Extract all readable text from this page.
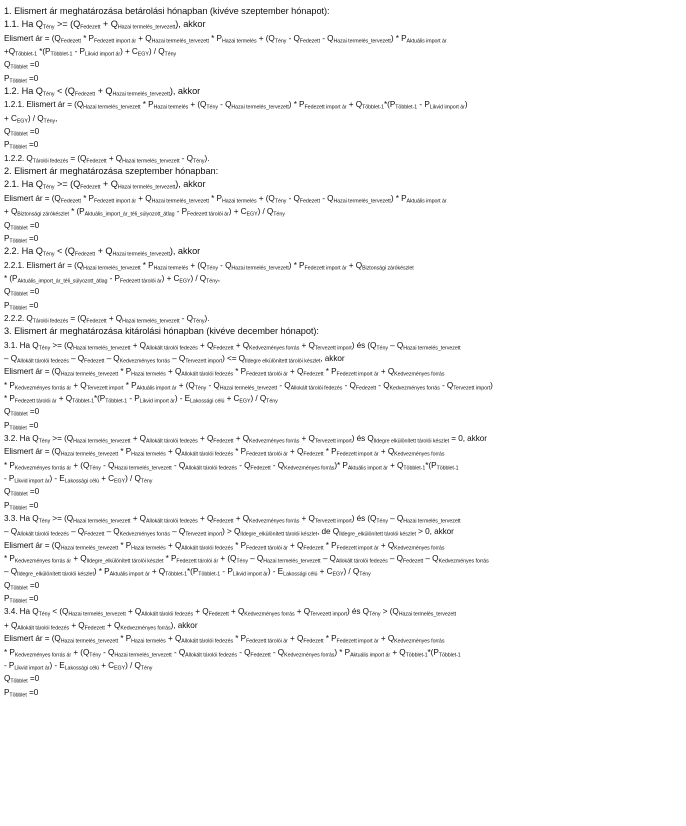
1. Elismert ár meghatározása betárolási hónapban (kivéve szeptember hónapot):
1.1. Ha $Q_{Tény} >= (Q_{Fedezett} + Q_{Hazai termelés\_tervezett})$, akkor
Elismert ár = ($Q_{Fedezett} * P_{Fedezett import ár} + Q_{Hazai termelés\_tervezett} * P_{Hazai termelés} + (Q_{Tény} - Q_{Fedezett} - Q_{Hazai termelés\_tervezett}) * P_{Aktuális import ár}$
$+Q_{Többlet-1}$ $*(P_{Többlet-1} - P_{Likvid import ár}) + C_{EGY}) / Q_{Tény}$
$Q_{Többlet} =0$
$P_{Többlet} =0$
1.2. Ha $Q_{Tény} < (Q_{Fedezett} + Q_{Hazai termelés\_tervezett})$, akkor
1.2.1. Elismert ár = ($Q_{Hazai termelés\_tervezett} * P_{Hazai termelés} + (Q_{Tény} - Q_{Hazai termelés\_tervezett}) * P_{Fedezett import ár} + Q_{Többlet-1}*(P_{Többlet-1} - P_{Likvid import ár})$
+ $C_{EGY}) / Q_{Tény}$,
$Q_{Többlet} =0$
$P_{Többlet} =0$
1.2.2. $Q_{Tárolói fedezés} = (Q_{Fedezett} + Q_{Hazai termelés\_tervezett} - Q_{Tény})$.
2. Elismert ár meghatározása szeptember hónapban:
2.1. Ha $Q_{Tény} >= (Q_{Fedezett} + Q_{Hazai termelés\_tervezett})$, akkor
Elismert ár = ($Q_{Fedezett} * P_{Fedezett import ár} + Q_{Hazai termelés\_tervezett} * P_{Hazai termelés} + (Q_{Tény} - Q_{Fedezett} - Q_{Hazai termelés\_tervezett}) * P_{Aktuális import ár}$
+ $Q_{Biztonsági zárókészlet} * (P_{Aktuális\_import\_ár\_téli\_súlyozott\_átlag} - P_{Fedezett tárolói ár}) + C_{EGY}) / Q_{Tény}$
$Q_{Többlet} =0$
$P_{Többlet} =0$
2.2. Ha $Q_{Tény} < (Q_{Fedezett} + Q_{Hazai termelés\_tervezett})$, akkor
2.2.1. Elismert ár = ($Q_{Hazai termelés\_tervezett} * P_{Hazai termelés} + (Q_{Tény} - Q_{Hazai termelés\_tervezett}) * P_{Fedezett import ár} + Q_{Biztonsági zárókészlet}$
* $(P_{Aktuális\_import\_ár\_téli\_súlyozott\_átlag} - P_{Fedezett tárolói ár}) + C_{EGY}) / Q_{Tény}$,
$Q_{Többlet} =0$
$P_{Többlet} =0$
2.2.2. $Q_{Tárolói fedezés} = (Q_{Fedezett} + Q_{Hazai termelés\_tervezett} - Q_{Tény})$.
3. Elismert ár meghatározása kitárolási hónapban (kivéve december hónapot):
3.1. Ha $Q_{Tény} >= (Q_{Hazai termelés\_tervezett} + Q_{Allokált tárolói fedezés} + Q_{Fedezett} + Q_{Kedvezményes forrás} + Q_{Tervezett import})$ és ($Q_{Tény} - Q_{Hazai termelés\_tervezett}$
– $Q_{Allokált tárolói fedezés} - Q_{Fedezett} - Q_{Kedvezményes forrás} - Q_{Tervezett import}) <= Q_{Ildegre elkülönített tárolói készlet}$, akkor
Elismert ár = ($Q_{Hazai termelés\_tervezett} * P_{Hazai termelés} + Q_{Allokált tárolói fedezés} * P_{Fedezett tárolói ár} + Q_{Fedezett} * P_{Fedezett import ár} + Q_{Kedvezményes forrás}$
* $P_{Kedvezményes forrás ár} + Q_{Tervezett import} * P_{Aktuális import ár} + (Q_{Tény} - Q_{Hazai termelés\_tervezett} - Q_{Allokált tárolói fedezés} - Q_{Fedezett} - Q_{Kedvezményes forrás} - Q_{Tervezett import})$
* $P_{Fedezett tárolói ár} + Q_{Többlet-1}*(P_{Többlet-1} - P_{Likvid import ár}) - E_{Lakossági célú} + C_{EGY}) / Q_{Tény}$
$Q_{Többlet} =0$
$P_{Többlet} =0$
3.2. Ha $Q_{Tény} >= (Q_{Hazai termelés\_tervezett} + Q_{Allokált tárolói fedezés} + Q_{Fedezett} + Q_{Kedvezményes forrás} + Q_{Tervezett import})$ és $Q_{Ildegre elkülönített tárolói készlet} = 0$, akkor
Elismert ár = ($Q_{Hazai termelés\_tervezett} * P_{Hazai termelés} + Q_{Allokált tárolói fedezés} * P_{Fedezett tárolói ár} + Q_{Fedezett} * P_{Fedezett import ár} + Q_{Kedvezményes forrás}$
* $P_{Kedvezményes forrás ár} + (Q_{Tény} - Q_{Hazai termelés\_tervezett} - Q_{Allokált tárolói fedezés} - Q_{Fedezett} - Q_{Kedvezményes forrás})*$ $P_{Aktuális import ár} + Q_{Többlet-1}*(P_{Többlet-1}$
- $P_{Likvid import ár}) - E_{Lakossági célú} + C_{EGY}) / Q_{Tény}$
$Q_{Többlet} =0$
$P_{Többlet} =0$
3.3. Ha $Q_{Tény} >= (Q_{Hazai termelés\_tervezett} + Q_{Allokált tárolói fedezés} + Q_{Fedezett} + Q_{Kedvezményes forrás} + Q_{Tervezett import})$ és ($Q_{Tény} - Q_{Hazai termelés\_tervezett}$
– $Q_{Allokált tárolói fedezés} - Q_{Fedezett} - Q_{Kedvezményes forrás} - Q_{Tervezett import}) > Q_{Ildegre\_elkülönített tárolói készlet}$, de $Q_{Ildegre\_elkülönített tárolói készlet} > 0$, akkor
Elismert ár = ($Q_{Hazai termelés\_tervezett} * P_{Hazai termelés} + Q_{Allokált tárolói fedezés} * P_{Fedezett tárolói ár} + Q_{Fedezett} * P_{Fedezett import ár} + Q_{Kedvezményes forrás}$
* $P_{Kedvezményes forrás ár} + Q_{Ildegre\_elkülönített tárolói készlet} * P_{Fedezett tárolói ár} + (Q_{Tény} - Q_{Hazai termelés\_tervezett} - Q_{Allokált tárolói fedezés} - Q_{Fedezett} - Q_{Kedvezményes forrás}$
– $Q_{Ildegre\_elkülönített tárolói készlet}) * P_{Aktuális import ár} + Q_{Többlet-1}*(P_{Többlet-1} - P_{Likvid import ár}) - E_{Lakossági célú} + C_{EGY}) / Q_{Tény}$
$Q_{Többlet} =0$
$P_{Többlet} =0$
3.4. Ha $Q_{Tény} < (Q_{Hazai termelés\_tervezett} + Q_{Allokált tárolói fedezés} + Q_{Fedezett} + Q_{Kedvezményes forrás} + Q_{Tervezett import})$ és $Q_{Tény} > (Q_{Hazai termelés\_tervezett}$
+ $Q_{Allokált tárolói fedezés} + Q_{Fedezett} + Q_{Kedvezményes forrás}$), akkor
Elismert ár = ($Q_{Hazai termelés\_tervezett} * P_{Hazai termelés} + Q_{Allokált tárolói fedezés} * P_{Fedezett tárolói ár} + Q_{Fedezett} * P_{Fedezett import ár} + Q_{Kedvezményes forrás}$
* $P_{Kedvezményes forrás ár} + (Q_{Tény} - Q_{Hazai termelés\_tervezett} - Q_{Allokált tárolói fedezés} - Q_{Fedezett} - Q_{Kedvezményes forrás}) * P_{Aktuális import ár} + Q_{Többlet-1}*(P_{Többlet-1}$
- $P_{Likvid import ár}) - E_{Lakossági célú} + C_{EGY}) / Q_{Tény}$
$Q_{Többlet} =0$
$P_{Többlet} =0$
